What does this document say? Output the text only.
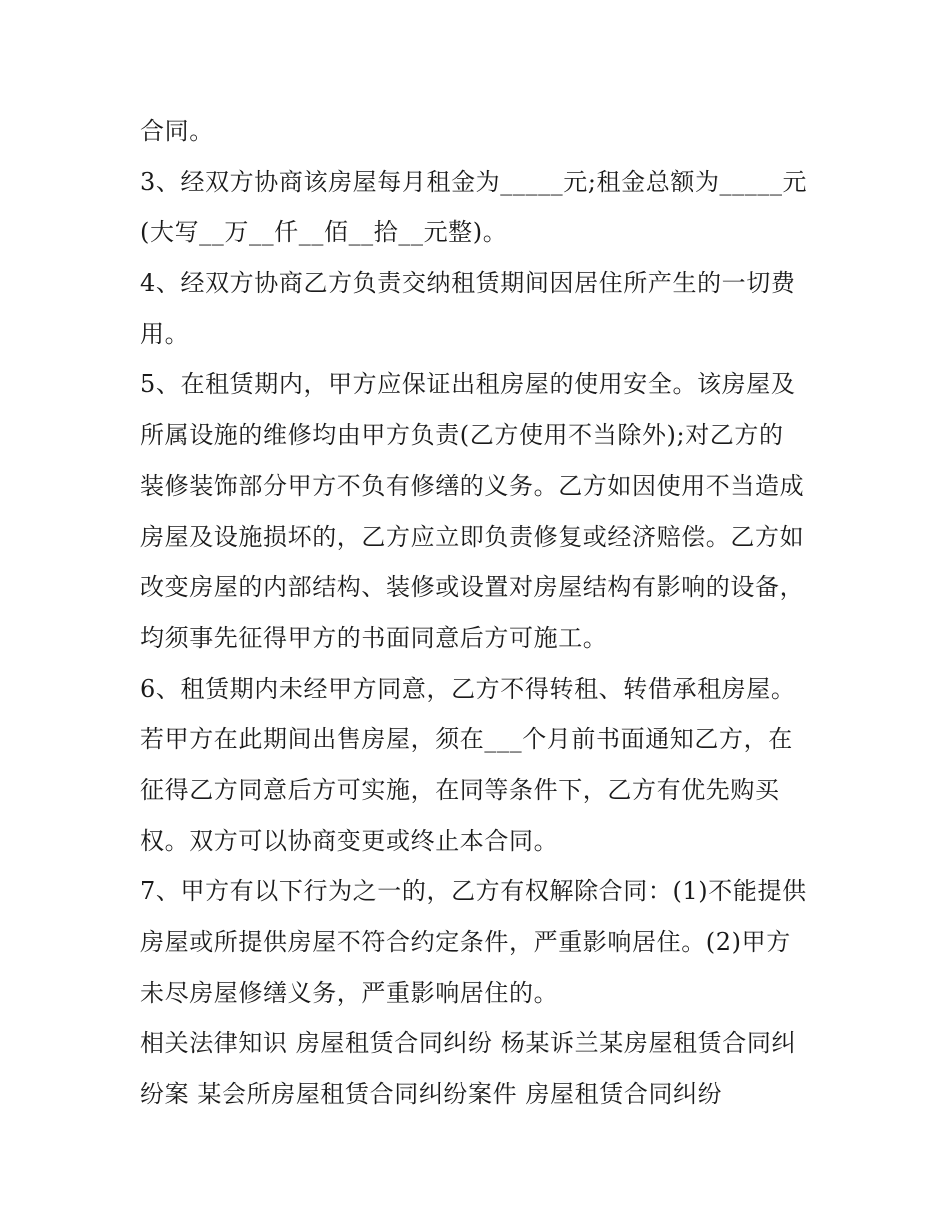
合同。
3、经双方协商该房屋每月租金为_____元;租金总额为_____元
(大写__万__仟__佰__拾__元整)。
4、经双方协商乙方负责交纳租赁期间因居住所产生的一切费
用。
5、在租赁期内，甲方应保证出租房屋的使用安全。该房屋及
所属设施的维修均由甲方负责(乙方使用不当除外);对乙方的
装修装饰部分甲方不负有修缮的义务。乙方如因使用不当造成
房屋及设施损坏的，乙方应立即负责修复或经济赔偿。乙方如
改变房屋的内部结构、装修或设置对房屋结构有影响的设备，
均须事先征得甲方的书面同意后方可施工。
6、租赁期内未经甲方同意，乙方不得转租、转借承租房屋。
若甲方在此期间出售房屋，须在___个月前书面通知乙方，在
征得乙方同意后方可实施，在同等条件下，乙方有优先购买
权。双方可以协商变更或终止本合同。
7、甲方有以下行为之一的，乙方有权解除合同：(1)不能提供
房屋或所提供房屋不符合约定条件，严重影响居住。(2)甲方
未尽房屋修缮义务，严重影响居住的。
相关法律知识 房屋租赁合同纠纷 杨某诉兰某房屋租赁合同纠
纷案 某会所房屋租赁合同纠纷案件 房屋租赁合同纠纷
